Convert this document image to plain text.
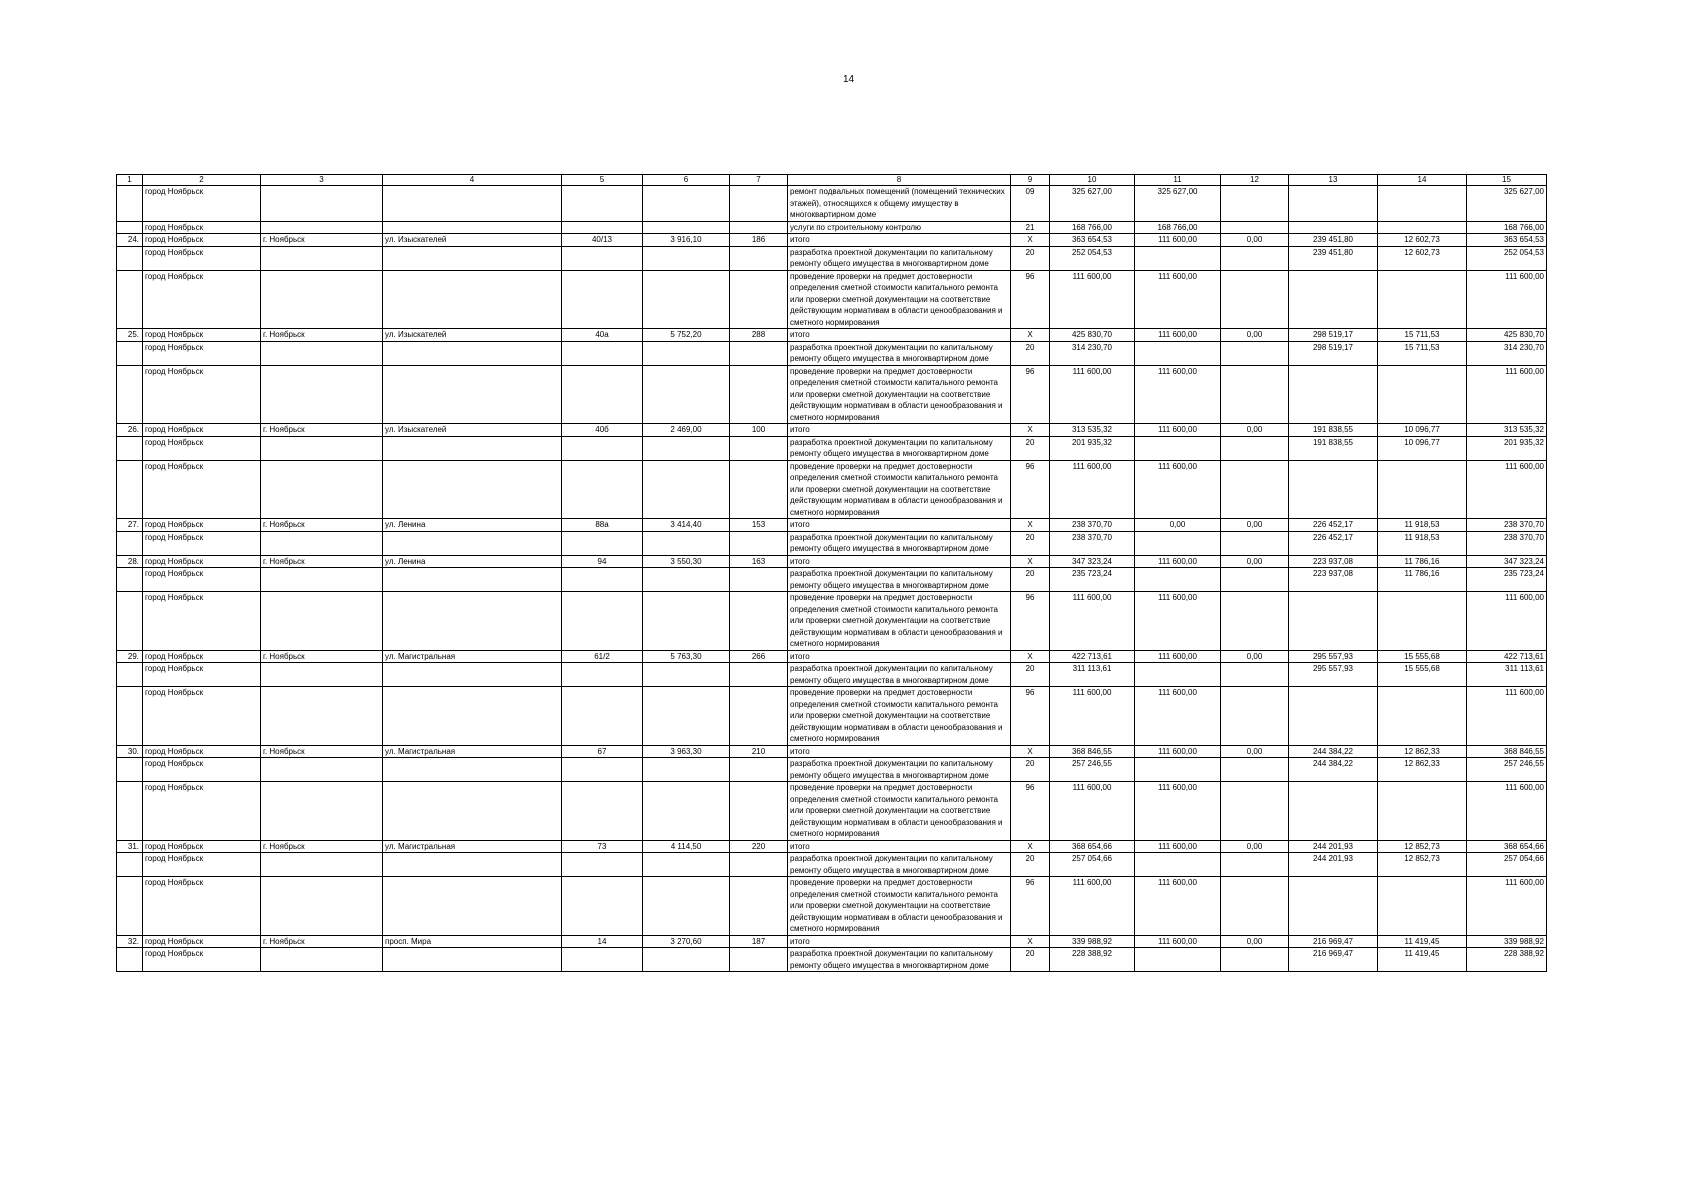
14
1	2	3	4	5	6	7	8	9	10	11	12	13	14	15
	город Ноябрьск						ремонт подвальных помещений (помещений технических этажей), относящихся к общему имуществу в многоквартирном доме	09	325 627,00	325 627,00				325 627,00
	город Ноябрьск						услуги по строительному контролю	21	168 766,00	168 766,00				168 766,00
24.	город Ноябрьск	г. Ноябрьск	ул. Изыскателей	40/13	3 916,10	186	итого	X	363 654,53	111 600,00	0,00	239 451,80	12 602,73	363 654,53
	город Ноябрьск						разработка проектной документации по капитальному ремонту общего имущества в многоквартирном доме	20	252 054,53			239 451,80	12 602,73	252 054,53
	город Ноябрьск						проведение проверки на предмет достоверности определения сметной стоимости капитального ремонта или проверки сметной документации на соответствие действующим нормативам в области ценообразования и сметного нормирования	96	111 600,00	111 600,00				111 600,00
25.	город Ноябрьск	г. Ноябрьск	ул. Изыскателей	40а	5 752,20	288	итого	X	425 830,70	111 600,00	0,00	298 519,17	15 711,53	425 830,70
	город Ноябрьск						разработка проектной документации по капитальному ремонту общего имущества в многоквартирном доме	20	314 230,70			298 519,17	15 711,53	314 230,70
	город Ноябрьск						проведение проверки на предмет достоверности определения сметной стоимости капитального ремонта или проверки сметной документации на соответствие действующим нормативам в области ценообразования и сметного нормирования	96	111 600,00	111 600,00				111 600,00
26.	город Ноябрьск	г. Ноябрьск	ул. Изыскателей	40б	2 469,00	100	итого	X	313 535,32	111 600,00	0,00	191 838,55	10 096,77	313 535,32
	город Ноябрьск						разработка проектной документации по капитальному ремонту общего имущества в многоквартирном доме	20	201 935,32			191 838,55	10 096,77	201 935,32
	город Ноябрьск						проведение проверки на предмет достоверности определения сметной стоимости капитального ремонта или проверки сметной документации на соответствие действующим нормативам в области ценообразования и сметного нормирования	96	111 600,00	111 600,00				111 600,00
27.	город Ноябрьск	г. Ноябрьск	ул. Ленина	88а	3 414,40	153	итого	X	238 370,70	0,00	0,00	226 452,17	11 918,53	238 370,70
	город Ноябрьск						разработка проектной документации по капитальному ремонту общего имущества в многоквартирном доме	20	238 370,70			226 452,17	11 918,53	238 370,70
28.	город Ноябрьск	г. Ноябрьск	ул. Ленина	94	3 550,30	163	итого	X	347 323,24	111 600,00	0,00	223 937,08	11 786,16	347 323,24
	город Ноябрьск						разработка проектной документации по капитальному ремонту общего имущества в многоквартирном доме	20	235 723,24			223 937,08	11 786,16	235 723,24
	город Ноябрьск						проведение проверки на предмет достоверности определения сметной стоимости капитального ремонта или проверки сметной документации на соответствие действующим нормативам в области ценообразования и сметного нормирования	96	111 600,00	111 600,00				111 600,00
29.	город Ноябрьск	г. Ноябрьск	ул. Магистральная	61/2	5 763,30	266	итого	X	422 713,61	111 600,00	0,00	295 557,93	15 555,68	422 713,61
	город Ноябрьск						разработка проектной документации по капитальному ремонту общего имущества в многоквартирном доме	20	311 113,61			295 557,93	15 555,68	311 113,61
	город Ноябрьск						проведение проверки на предмет достоверности определения сметной стоимости капитального ремонта или проверки сметной документации на соответствие действующим нормативам в области ценообразования и сметного нормирования	96	111 600,00	111 600,00				111 600,00
30.	город Ноябрьск	г. Ноябрьск	ул. Магистральная	67	3 963,30	210	итого	X	368 846,55	111 600,00	0,00	244 384,22	12 862,33	368 846,55
	город Ноябрьск						разработка проектной документации по капитальному ремонту общего имущества в многоквартирном доме	20	257 246,55			244 384,22	12 862,33	257 246,55
	город Ноябрьск						проведение проверки на предмет достоверности определения сметной стоимости капитального ремонта или проверки сметной документации на соответствие действующим нормативам в области ценообразования и сметного нормирования	96	111 600,00	111 600,00				111 600,00
31.	город Ноябрьск	г. Ноябрьск	ул. Магистральная	73	4 114,50	220	итого	X	368 654,66	111 600,00	0,00	244 201,93	12 852,73	368 654,66
	город Ноябрьск						разработка проектной документации по капитальному ремонту общего имущества в многоквартирном доме	20	257 054,66			244 201,93	12 852,73	257 054,66
	город Ноябрьск						проведение проверки на предмет достоверности определения сметной стоимости капитального ремонта или проверки сметной документации на соответствие действующим нормативам в области ценообразования и сметного нормирования	96	111 600,00	111 600,00				111 600,00
32.	город Ноябрьск	г. Ноябрьск	просп. Мира	14	3 270,60	187	итого	X	339 988,92	111 600,00	0,00	216 969,47	11 419,45	339 988,92
	город Ноябрьск						разработка проектной документации по капитальному ремонту общего имущества в многоквартирном доме	20	228 388,92			216 969,47	11 419,45	228 388,92
